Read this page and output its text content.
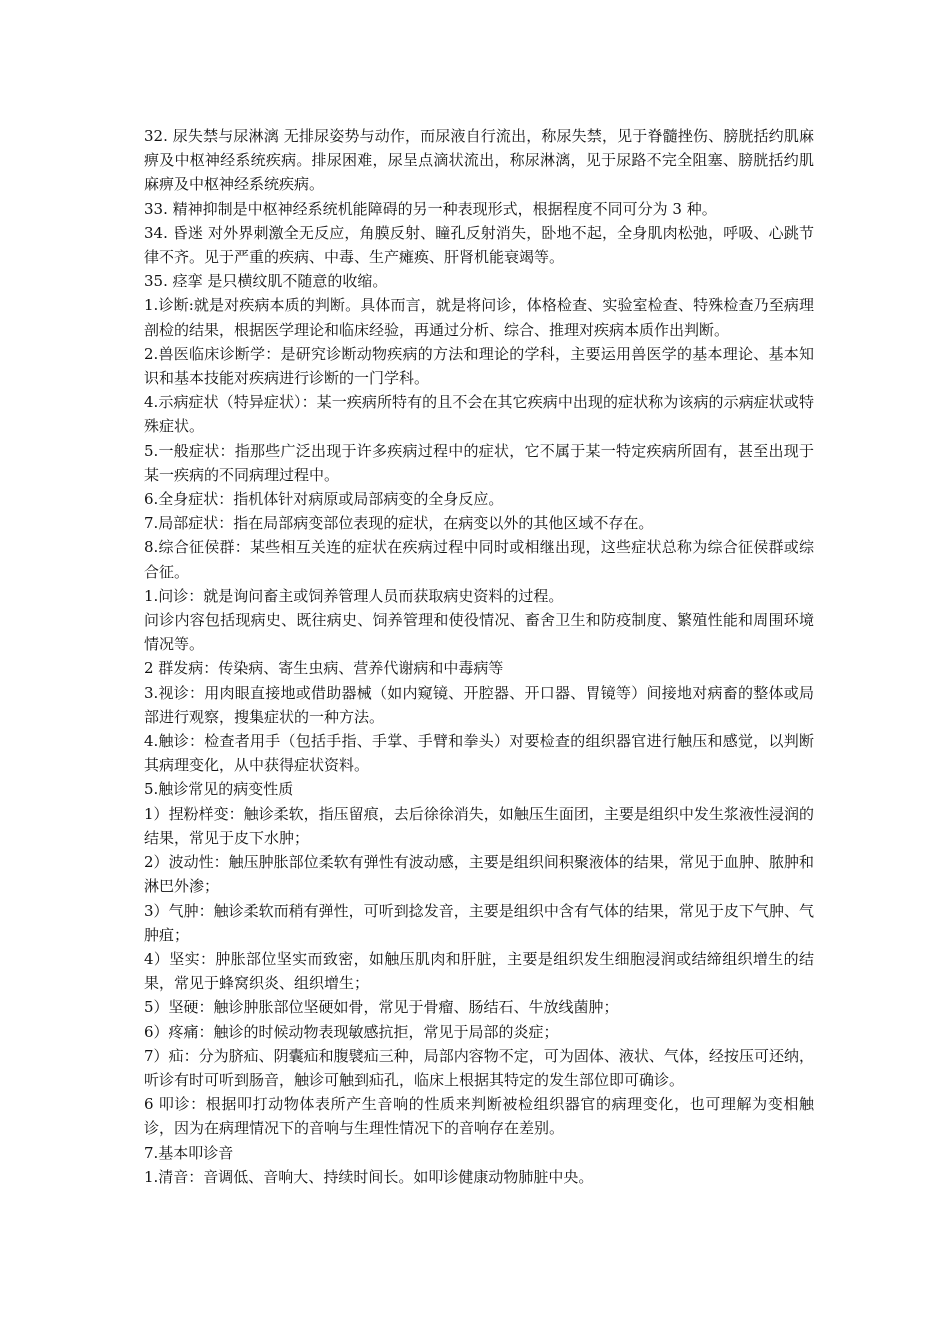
32. 尿失禁与尿淋漓 无排尿姿势与动作，而尿液自行流出，称尿失禁，见于脊髓挫伤、膀胱括约肌麻痹及中枢神经系统疾病。排尿困难，尿呈点滴状流出，称尿淋漓，见于尿路不完全阻塞、膀胱括约肌麻痹及中枢神经系统疾病。

33. 精神抑制是中枢神经系统机能障碍的另一种表现形式，根据程度不同可分为 3 种。

34. 昏迷 对外界刺激全无反应，角膜反射、瞳孔反射消失，卧地不起，全身肌肉松弛，呼吸、心跳节律不齐。见于严重的疾病、中毒、生产瘫痪、肝肾机能衰竭等。

35. 痉挛 是只横纹肌不随意的收缩。

1.诊断:就是对疾病本质的判断。具体而言，就是将问诊，体格检查、实验室检查、特殊检查乃至病理剖检的结果，根据医学理论和临床经验，再通过分析、综合、推理对疾病本质作出判断。

2.兽医临床诊断学：是研究诊断动物疾病的方法和理论的学科，主要运用兽医学的基本理论、基本知识和基本技能对疾病进行诊断的一门学科。

4.示病症状（特异症状）：某一疾病所特有的且不会在其它疾病中出现的症状称为该病的示病症状或特殊症状。

5.一般症状：指那些广泛出现于许多疾病过程中的症状，它不属于某一特定疾病所固有，甚至出现于某一疾病的不同病理过程中。

6.全身症状：指机体针对病原或局部病变的全身反应。

7.局部症状：指在局部病变部位表现的症状，在病变以外的其他区域不存在。

8.综合征侯群：某些相互关连的症状在疾病过程中同时或相继出现，这些症状总称为综合征侯群或综合征。

1.问诊：就是询问畜主或饲养管理人员而获取病史资料的过程。

问诊内容包括现病史、既往病史、饲养管理和使役情况、畜舍卫生和防疫制度、繁殖性能和周围环境情况等。

2 群发病：传染病、寄生虫病、营养代谢病和中毒病等

3.视诊：用肉眼直接地或借助器械（如内窥镜、开腔器、开口器、胃镜等）间接地对病畜的整体或局部进行观察，搜集症状的一种方法。

4.触诊：检查者用手（包括手指、手掌、手臂和拳头）对要检查的组织器官进行触压和感觉，以判断其病理变化，从中获得症状资料。

5.触诊常见的病变性质

1）捏粉样变：触诊柔软，指压留痕，去后徐徐消失，如触压生面团，主要是组织中发生浆液性浸润的结果，常见于皮下水肿；

2）波动性：触压肿胀部位柔软有弹性有波动感，主要是组织间积聚液体的结果，常见于血肿、脓肿和淋巴外渗；

3）气肿：触诊柔软而稍有弹性，可听到捻发音，主要是组织中含有气体的结果，常见于皮下气肿、气肿疽；

4）坚实：肿胀部位坚实而致密，如触压肌肉和肝脏，主要是组织发生细胞浸润或结缔组织增生的结果，常见于蜂窝织炎、组织增生；

5）坚硬：触诊肿胀部位坚硬如骨，常见于骨瘤、肠结石、牛放线菌肿；

6）疼痛：触诊的时候动物表现敏感抗拒，常见于局部的炎症；

7）疝：分为脐疝、阴囊疝和腹襞疝三种，局部内容物不定，可为固体、液状、气体，经按压可还纳，听诊有时可听到肠音，触诊可触到疝孔，临床上根据其特定的发生部位即可确诊。

6 叩诊：根据叩打动物体表所产生音响的性质来判断被检组织器官的病理变化，也可理解为变相触诊，因为在病理情况下的音响与生理性情况下的音响存在差别。

7.基本叩诊音

1.清音：音调低、音响大、持续时间长。如叩诊健康动物肺脏中央。
